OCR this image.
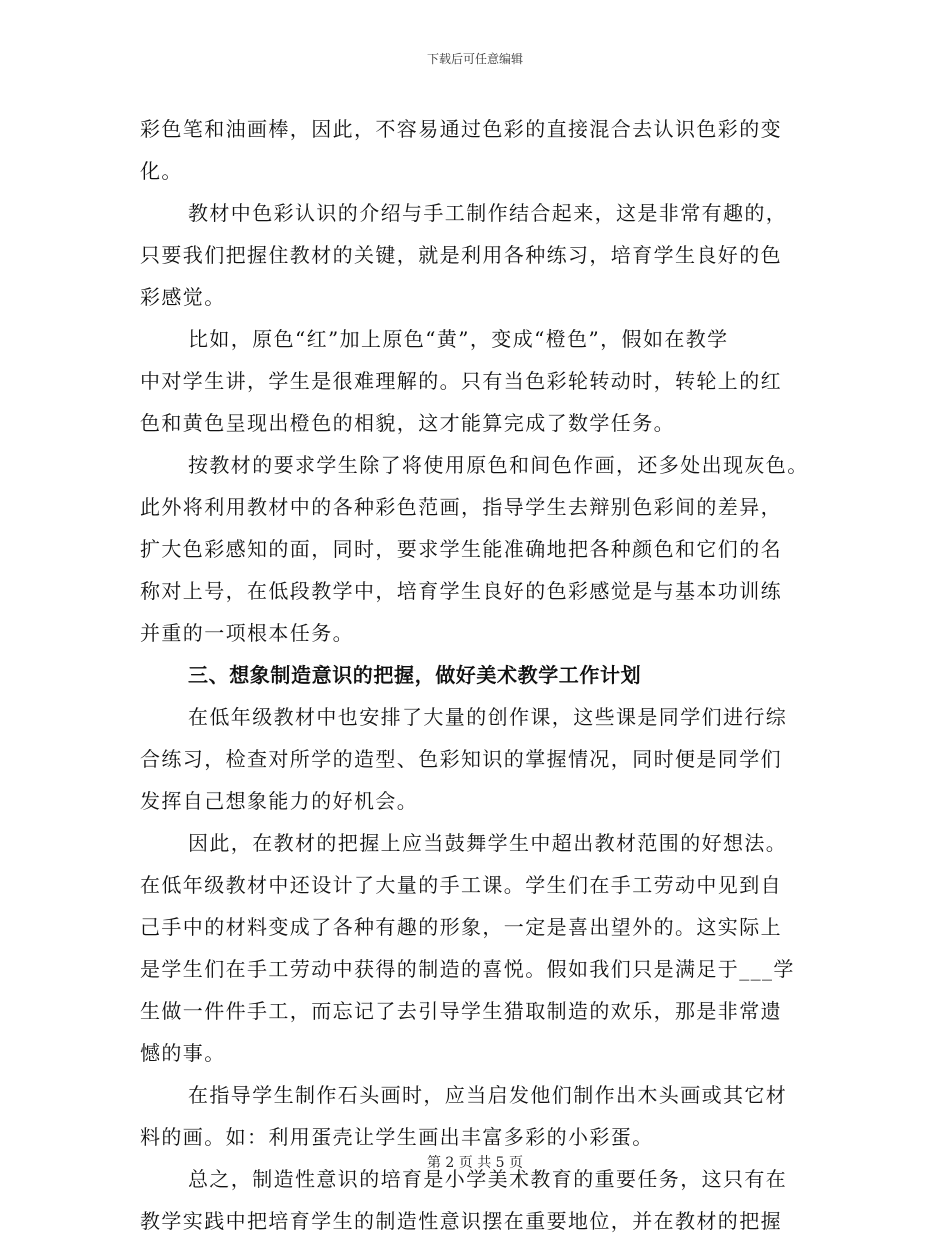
下载后可任意编辑
彩色笔和油画棒，因此，不容易通过色彩的直接混合去认识色彩的变
化。
教材中色彩认识的介绍与手工制作结合起来，这是非常有趣的，
只要我们把握住教材的关键，就是利用各种练习，培育学生良好的色
彩感觉。
比如，原色“红”加上原色“黄”，变成“橙色”，假如在教学
中对学生讲，学生是很难理解的。只有当色彩轮转动时，转轮上的红
色和黄色呈现出橙色的相貌，这才能算完成了数学任务。
按教材的要求学生除了将使用原色和间色作画，还多处出现灰色。
此外将利用教材中的各种彩色范画，指导学生去辩别色彩间的差异，
扩大色彩感知的面，同时，要求学生能准确地把各种颜色和它们的名
称对上号，在低段教学中，培育学生良好的色彩感觉是与基本功训练
并重的一项根本任务。
三、想象制造意识的把握，做好美术教学工作计划
在低年级教材中也安排了大量的创作课，这些课是同学们进行综
合练习，检查对所学的造型、色彩知识的掌握情况，同时便是同学们
发挥自己想象能力的好机会。
因此，在教材的把握上应当鼓舞学生中超出教材范围的好想法。
在低年级教材中还设计了大量的手工课。学生们在手工劳动中见到自
己手中的材料变成了各种有趣的形象，一定是喜出望外的。这实际上
是学生们在手工劳动中获得的制造的喜悦。假如我们只是满足于___学
生做一件件手工，而忘记了去引导学生猎取制造的欢乐，那是非常遗
憾的事。
在指导学生制作石头画时，应当启发他们制作出木头画或其它材
料的画。如：利用蛋壳让学生画出丰富多彩的小彩蛋。
总之，制造性意识的培育是小学美术教育的重要任务，这只有在
教学实践中把培育学生的制造性意识摆在重要地位，并在教材的把握
第 2 页 共 5 页
